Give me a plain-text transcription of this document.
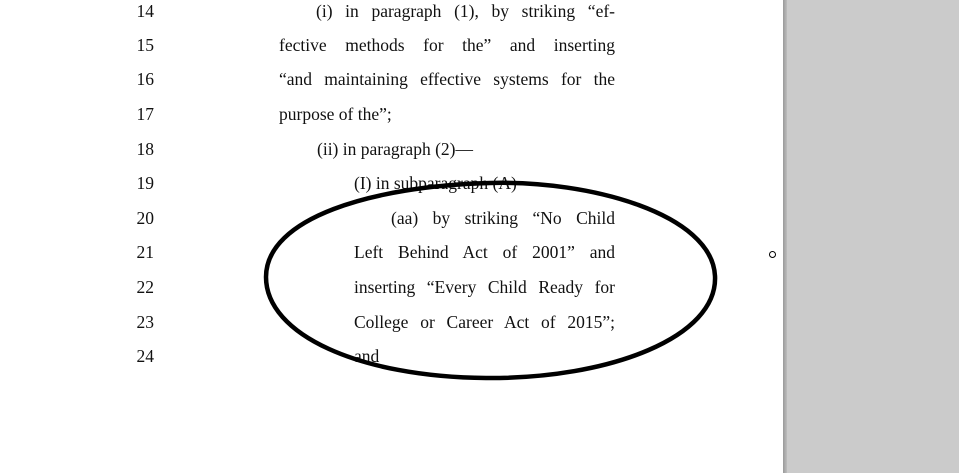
14	(i) in paragraph (1), by striking “ef-
15	fective methods for the” and inserting
16	“and maintaining effective systems for the
17	purpose of the”;
18	(ii) in paragraph (2)—
19	(I) in subparagraph (A)—
20	(aa) by striking “No Child
21	Left Behind Act of 2001” and
22	inserting “Every Child Ready for
23	College or Career Act of 2015”;
24	and
